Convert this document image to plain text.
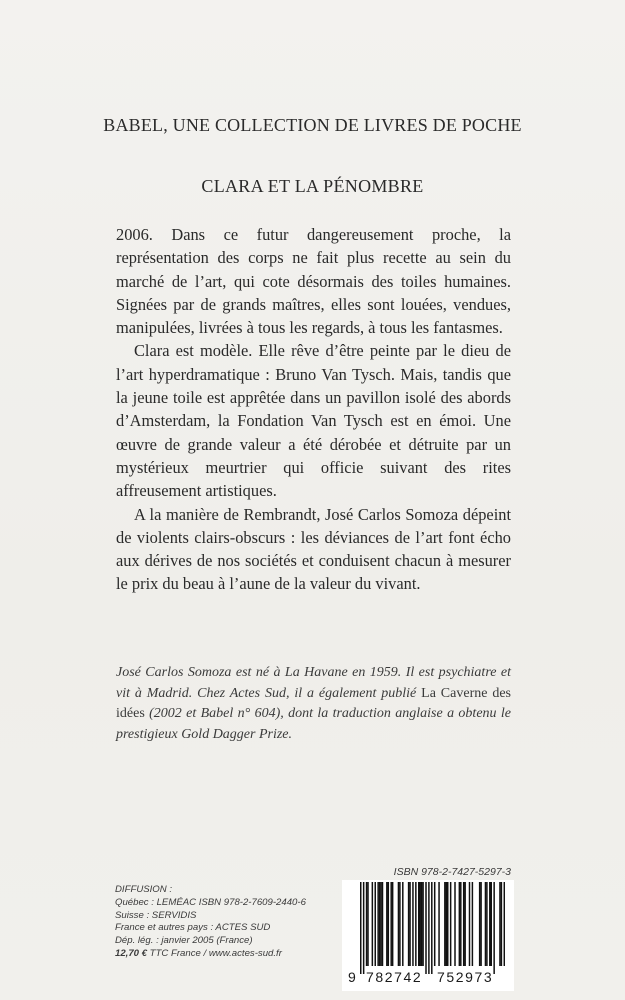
BABEL, UNE COLLECTION DE LIVRES DE POCHE
CLARA ET LA PÉNOMBRE

2006. Dans ce futur dangereusement proche, la représentation des corps ne fait plus recette au sein du marché de l’art, qui cote désormais des toiles humaines. Signées par de grands maîtres, elles sont louées, vendues, manipulées, livrées à tous les regards, à tous les fantasmes.

Clara est modèle. Elle rêve d’être peinte par le dieu de l’art hyperdramatique : Bruno Van Tysch. Mais, tandis que la jeune toile est apprêtée dans un pavillon isolé des abords d’Amsterdam, la Fondation Van Tysch est en émoi. Une œuvre de grande valeur a été dérobée et détruite par un mystérieux meurtrier qui officie suivant des rites affreusement artistiques.

A la manière de Rembrandt, José Carlos Somoza dépeint de violents clairs-obscurs : les déviances de l’art font écho aux dérives de nos sociétés et conduisent chacun à mesurer le prix du beau à l’aune de la valeur du vivant.

José Carlos Somoza est né à La Havane en 1959. Il est psychiatre et vit à Madrid. Chez Actes Sud, il a également publié La Caverne des idées (2002 et Babel n° 604), dont la traduction anglaise a obtenu le prestigieux Gold Dagger Prize.
DIFFUSION :
Québec : LEMÉAC ISBN 978-2-7609-2440-6
Suisse : SERVIDIS
France et autres pays : ACTES SUD
Dép. lég. : janvier 2005 (France)
12,70 € TTC France / www.actes-sud.fr
ISBN 978-2-7427-5297-3
9 782742 752973
